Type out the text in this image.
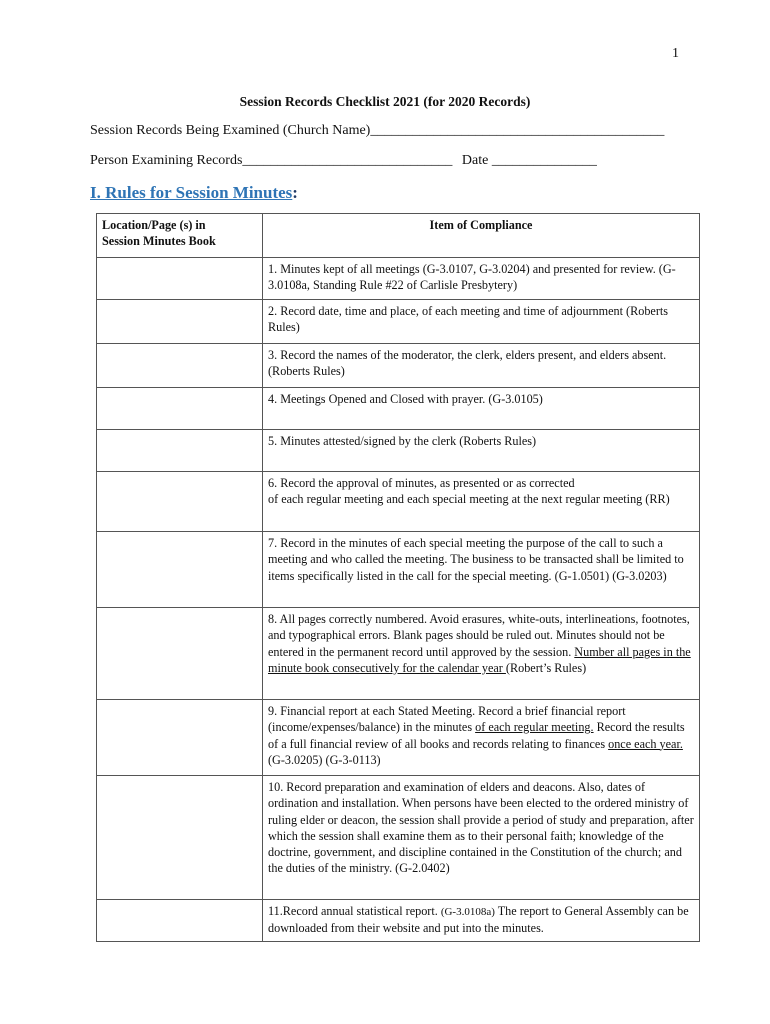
1
Session Records Checklist 2021 (for 2020 Records)
Session Records Being Examined (Church Name)__________________________________________
Person Examining Records______________________________ Date _______________
I. Rules for Session Minutes:
Location/Page (s) in
Session Minutes Book	Item of Compliance
	1. Minutes kept of all meetings (G-3.0107, G-3.0204) and presented for review. (G-3.0108a, Standing Rule #22 of Carlisle Presbytery)
	2. Record date, time and place, of each meeting and time of adjournment (Roberts Rules)
	3. Record the names of the moderator, the clerk, elders present, and elders absent. (Roberts Rules)
	4. Meetings Opened and Closed with prayer. (G-3.0105)
	5. Minutes attested/signed by the clerk (Roberts Rules)
	6. Record the approval of minutes, as presented or as corrected
of each regular meeting and each special meeting at the next regular meeting (RR)
	7. Record in the minutes of each special meeting the purpose of the call to such a meeting and who called the meeting. The business to be transacted shall be limited to items specifically listed in the call for the special meeting. (G-1.0501) (G-3.0203)
	8. All pages correctly numbered. Avoid erasures, white-outs, interlineations, footnotes, and typographical errors. Blank pages should be ruled out. Minutes should not be entered in the permanent record until approved by the session. Number all pages in the minute book consecutively for the calendar year (Robert’s Rules)
	9. Financial report at each Stated Meeting. Record a brief financial report (income/expenses/balance) in the minutes of each regular meeting. Record the results of a full financial review of all books and records relating to finances once each year. (G-3.0205) (G-3-0113)
	10. Record preparation and examination of elders and deacons. Also, dates of ordination and installation. When persons have been elected to the ordered ministry of ruling elder or deacon, the session shall provide a period of study and preparation, after which the session shall examine them as to their personal faith; knowledge of the doctrine, government, and discipline contained in the Constitution of the church; and the duties of the ministry. (G-2.0402)
	11.Record annual statistical report. (G-3.0108a) The report to General Assembly can be downloaded from their website and put into the minutes.
